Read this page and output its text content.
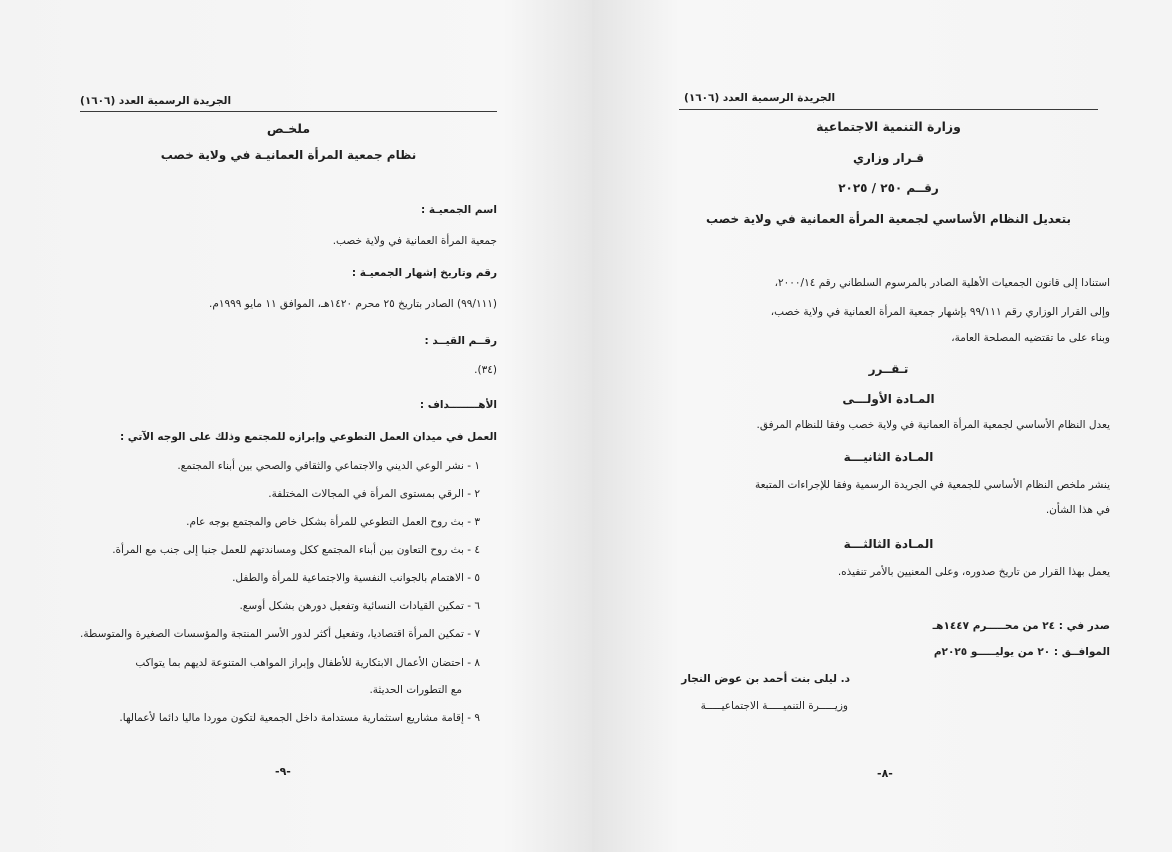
الجريدة الرسمية العدد (١٦٠٦)
ملخـص
نظام جمعية المرأة العمانيـة في ولاية خصب
اسم الجمعيـة :
جمعية المرأة العمانية في ولاية خصب.
رقم وتاريخ إشهار الجمعيـة :
(٩٩/١١١) الصادر بتاريخ ٢٥ محرم ١٤٢٠هـ، الموافق ١١ مايو ١٩٩٩م.
رقــم القيــد :
(٣٤).
الأهــــــــداف :
العمل في ميدان العمل التطوعي وإبرازه للمجتمع وذلك على الوجه الآتي :
١ - نشر الوعي الديني والاجتماعي والثقافي والصحي بين أبناء المجتمع.
٢ - الرقي بمستوى المرأة في المجالات المختلفة.
٣ - بث روح العمل التطوعي للمرأة بشكل خاص والمجتمع بوجه عام.
٤ - بث روح التعاون بين أبناء المجتمع ككل ومساندتهم للعمل جنبا إلى جنب مع المرأة.
٥ - الاهتمام بالجوانب النفسية والاجتماعية للمرأة والطفل.
٦ - تمكين القيادات النسائية وتفعيل دورهن بشكل أوسع.
٧ - تمكين المرأة اقتصاديا، وتفعيل أكثر لدور الأسر المنتجة والمؤسسات الصغيرة والمتوسطة.
٨ - احتضان الأعمال الابتكارية للأطفال وإبراز المواهب المتنوعة لديهم بما يتواكب
مع التطورات الحديثة.
٩ - إقامة مشاريع استثمارية مستدامة داخل الجمعية لتكون موردا ماليا دائما لأعمالها.
-٩-
الجريدة الرسمية العدد (١٦٠٦)
وزارة التنمية الاجتماعية
قـرار وزاري
رقــم ٢٥٠ / ٢٠٢٥
بتعديل النظام الأساسي لجمعية المرأة العمانية في ولاية خصب
استنادا إلى قانون الجمعيات الأهلية الصادر بالمرسوم السلطاني رقم ٢٠٠٠/١٤،
وإلى القرار الوزاري رقم ٩٩/١١١ بإشهار جمعية المرأة العمانية في ولاية خصب،
وبناء على ما تقتضيه المصلحة العامة،
تـقــرر
المـادة الأولـــى
يعدل النظام الأساسي لجمعية المرأة العمانية في ولاية خصب وفقا للنظام المرفق.
المـادة الثانيـــة
ينشر ملخص النظام الأساسي للجمعية في الجريدة الرسمية وفقا للإجراءات المتبعة
في هذا الشأن.
المـادة الثالثـــة
يعمل بهذا القرار من تاريخ صدوره، وعلى المعنيين بالأمر تنفيذه.
صدر في : ٢٤ من محـــــرم ١٤٤٧هـ
الموافــق : ٢٠ من يوليـــــو ٢٠٢٥م
د. ليلى بنت أحمد بن عوض النجار
وزيـــــرة التنميـــــة الاجتماعيـــــة
-٨-
